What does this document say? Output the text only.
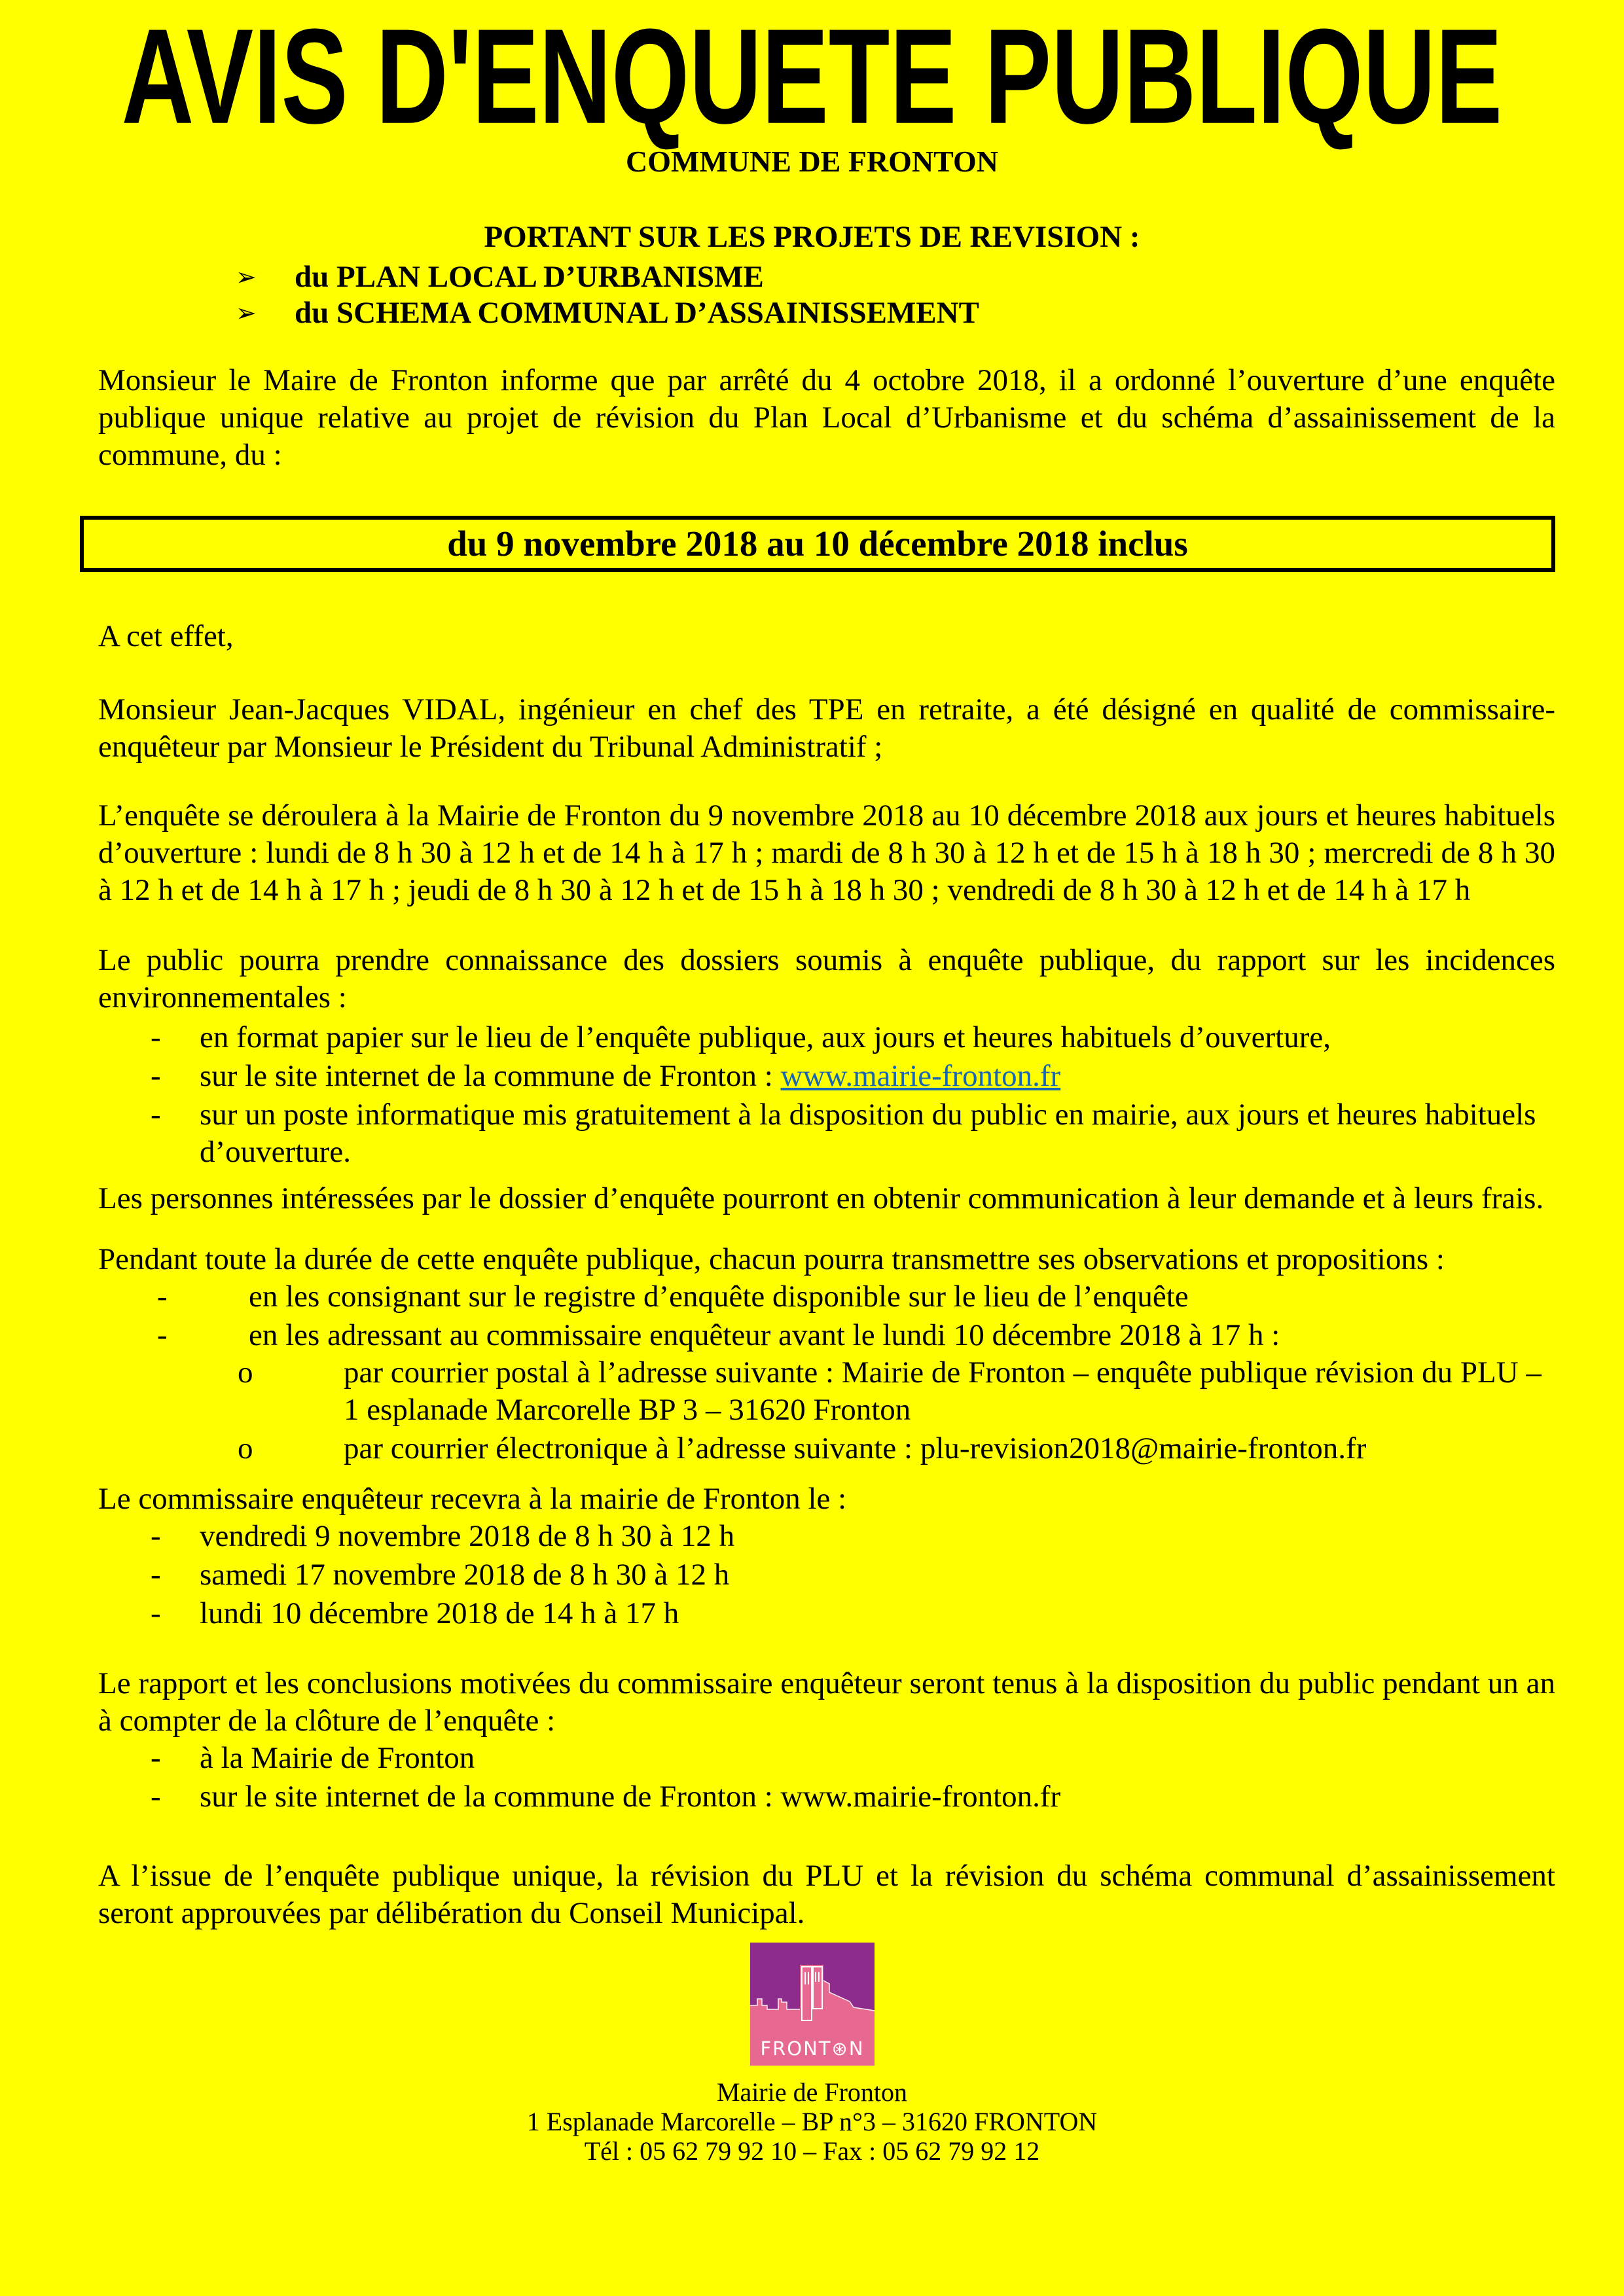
AVIS D'ENQUETE PUBLIQUE
COMMUNE DE FRONTON
PORTANT SUR LES PROJETS DE REVISION :
➢ du PLAN LOCAL D’URBANISME
➢ du SCHEMA COMMUNAL D’ASSAINISSEMENT

Monsieur le Maire de Fronton informe que par arrêté du 4 octobre 2018, il a ordonné l’ouverture d’une enquête publique unique relative au projet de révision du Plan Local d’Urbanisme et du schéma d’assainissement de la commune, du :

du 9 novembre 2018 au 10 décembre 2018 inclus

A cet effet,

Monsieur Jean-Jacques VIDAL, ingénieur en chef des TPE en retraite, a été désigné en qualité de commissaire-enquêteur par Monsieur le Président du Tribunal Administratif ;

L’enquête se déroulera à la Mairie de Fronton du 9 novembre 2018 au 10 décembre 2018 aux jours et heures habituels d’ouverture : lundi de 8 h 30 à 12 h et de 14 h à 17 h ; mardi de 8 h 30 à 12 h et de 15 h à 18 h 30 ; mercredi de 8 h 30 à 12 h et de 14 h à 17 h ; jeudi de 8 h 30 à 12 h et de 15 h à 18 h 30 ; vendredi de 8 h 30 à 12 h et de 14 h à 17 h

Le public pourra prendre connaissance des dossiers soumis à enquête publique, du rapport sur les incidences environnementales :

- en format papier sur le lieu de l’enquête publique, aux jours et heures habituels d’ouverture,
- sur le site internet de la commune de Fronton : www.mairie-fronton.fr
- sur un poste informatique mis gratuitement à la disposition du public en mairie, aux jours et heures habituels d’ouverture.

Les personnes intéressées par le dossier d’enquête pourront en obtenir communication à leur demande et à leurs frais.

Pendant toute la durée de cette enquête publique, chacun pourra transmettre ses observations et propositions :

-	en les consignant sur le registre d’enquête disponible sur le lieu de l’enquête
-	en les adressant au commissaire enquêteur avant le lundi 10 décembre 2018 à 17 h :
o	par courrier postal à l’adresse suivante : Mairie de Fronton – enquête publique révision du PLU – 1 esplanade Marcorelle BP 3 – 31620 Fronton
o	par courrier électronique à l’adresse suivante : plu-revision2018@mairie-fronton.fr

Le commissaire enquêteur recevra à la mairie de Fronton le :

- vendredi 9 novembre 2018 de 8 h 30 à 12 h
- samedi 17 novembre 2018 de 8 h 30 à 12 h
- lundi 10 décembre 2018 de 14 h à 17 h

Le rapport et les conclusions motivées du commissaire enquêteur seront tenus à la disposition du public pendant un an à compter de la clôture de l’enquête :

- à la Mairie de Fronton
- sur le site internet de la commune de Fronton : www.mairie-fronton.fr

A l’issue de l’enquête publique unique, la révision du PLU et la révision du schéma communal d’assainissement seront approuvées par délibération du Conseil Municipal.

FRONT⊛N
Mairie de Fronton
1 Esplanade Marcorelle – BP n°3 – 31620 FRONTON
Tél : 05 62 79 92 10 – Fax : 05 62 79 92 12
